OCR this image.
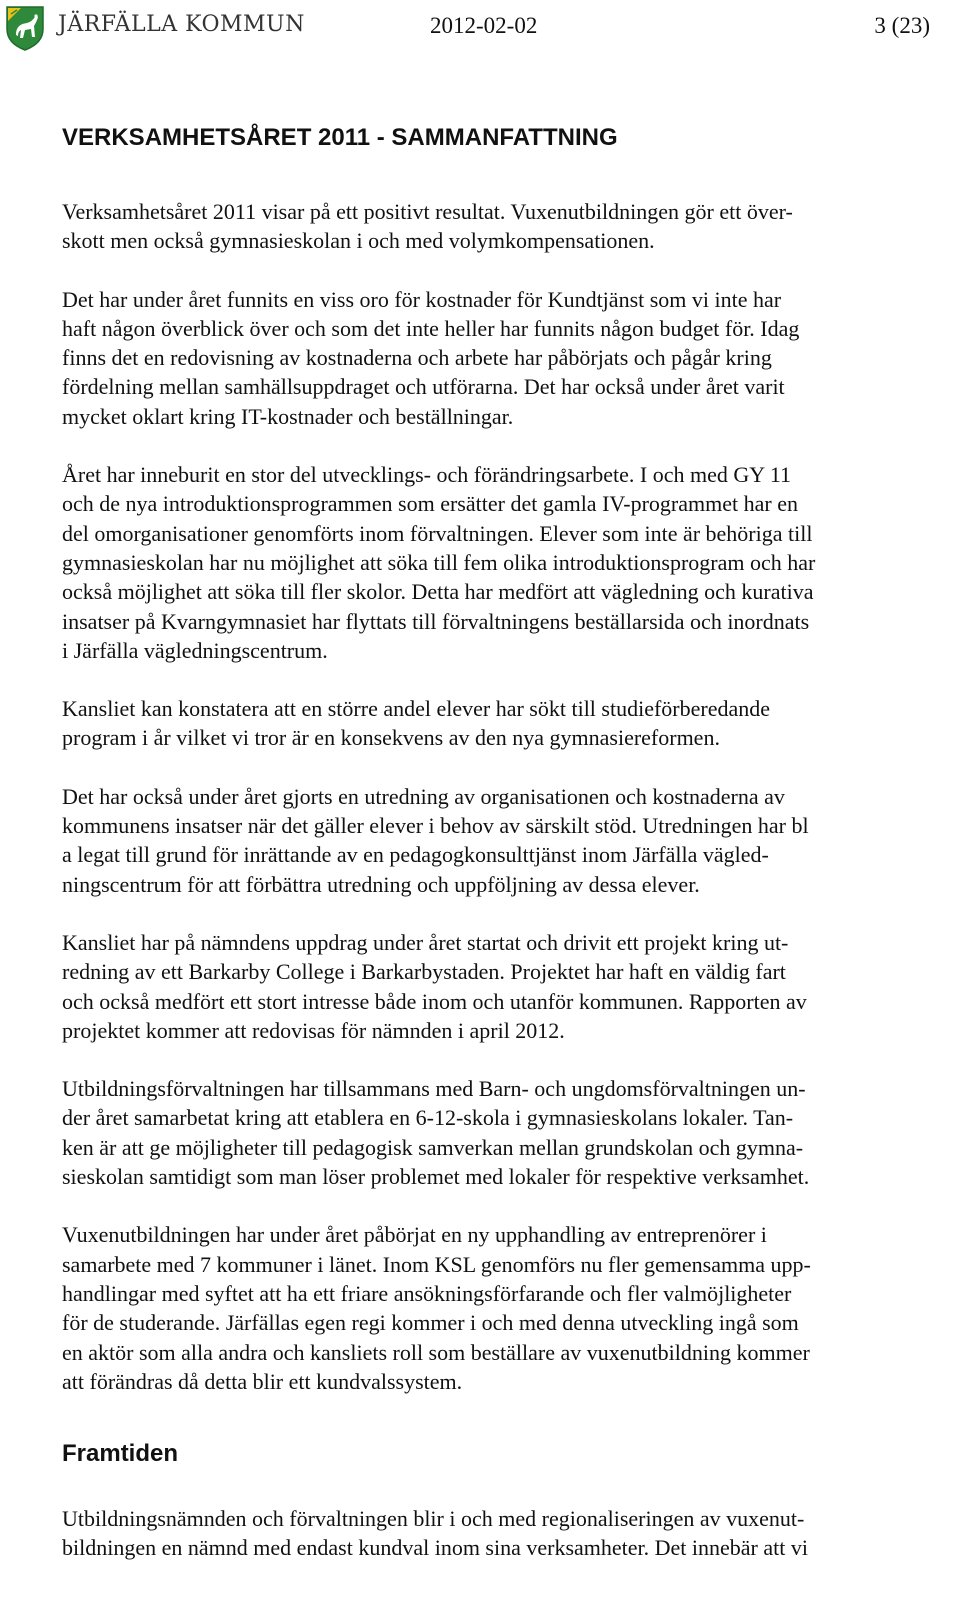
JÄRFÄLLA KOMMUN	2012-02-02	3 (23)
VERKSAMHETSÅRET 2011 - SAMMANFATTNING
Verksamhetsåret 2011 visar på ett positivt resultat. Vuxenutbildningen gör ett över-
skott men också gymnasieskolan i och med volymkompensationen.
Det har under året funnits en viss oro för kostnader för Kundtjänst som vi inte har
haft någon överblick över och som det inte heller har funnits någon budget för. Idag
finns det en redovisning av kostnaderna och arbete har påbörjats och pågår kring
fördelning mellan samhällsuppdraget och utförarna. Det har också under året varit
mycket oklart kring IT-kostnader och beställningar.
Året har inneburit en stor del utvecklings- och förändringsarbete. I och med GY 11
och de nya introduktionsprogrammen som ersätter det gamla IV-programmet har en
del omorganisationer genomförts inom förvaltningen. Elever som inte är behöriga till
gymnasieskolan har nu möjlighet att söka till fem olika introduktionsprogram och har
också möjlighet att söka till fler skolor. Detta har medfört att vägledning och kurativa
insatser på Kvarngymnasiet har flyttats till förvaltningens beställarsida och inordnats
i Järfälla vägledningscentrum.
Kansliet kan konstatera att en större andel elever har sökt till studieförberedande
program i år vilket vi tror är en konsekvens av den nya gymnasiereformen.
Det har också under året gjorts en utredning av organisationen och kostnaderna av
kommunens insatser när det gäller elever i behov av särskilt stöd. Utredningen har bl
a legat till grund för inrättande av en pedagogkonsulttjänst inom Järfälla vägled-
ningscentrum för att förbättra utredning och uppföljning av dessa elever.
Kansliet har på nämndens uppdrag under året startat och drivit ett projekt kring ut-
redning av ett Barkarby College i Barkarbystaden. Projektet har haft en väldig fart
och också medfört ett stort intresse både inom och utanför kommunen. Rapporten av
projektet kommer att redovisas för nämnden i april 2012.
Utbildningsförvaltningen har tillsammans med Barn- och ungdomsförvaltningen un-
der året samarbetat kring att etablera en 6-12-skola i gymnasieskolans lokaler. Tan-
ken är att ge möjligheter till pedagogisk samverkan mellan grundskolan och gymna-
sieskolan samtidigt som man löser problemet med lokaler för respektive verksamhet.
Vuxenutbildningen har under året påbörjat en ny upphandling av entreprenörer i
samarbete med 7 kommuner i länet. Inom KSL genomförs nu fler gemensamma upp-
handlingar med syftet att ha ett friare ansökningsförfarande och fler valmöjligheter
för de studerande. Järfällas egen regi kommer i och med denna utveckling ingå som
en aktör som alla andra och kansliets roll som beställare av vuxenutbildning kommer
att förändras då detta blir ett kundvalssystem.
Framtiden
Utbildningsnämnden och förvaltningen blir i och med regionaliseringen av vuxenut-
bildningen en nämnd med endast kundval inom sina verksamheter. Det innebär att vi
